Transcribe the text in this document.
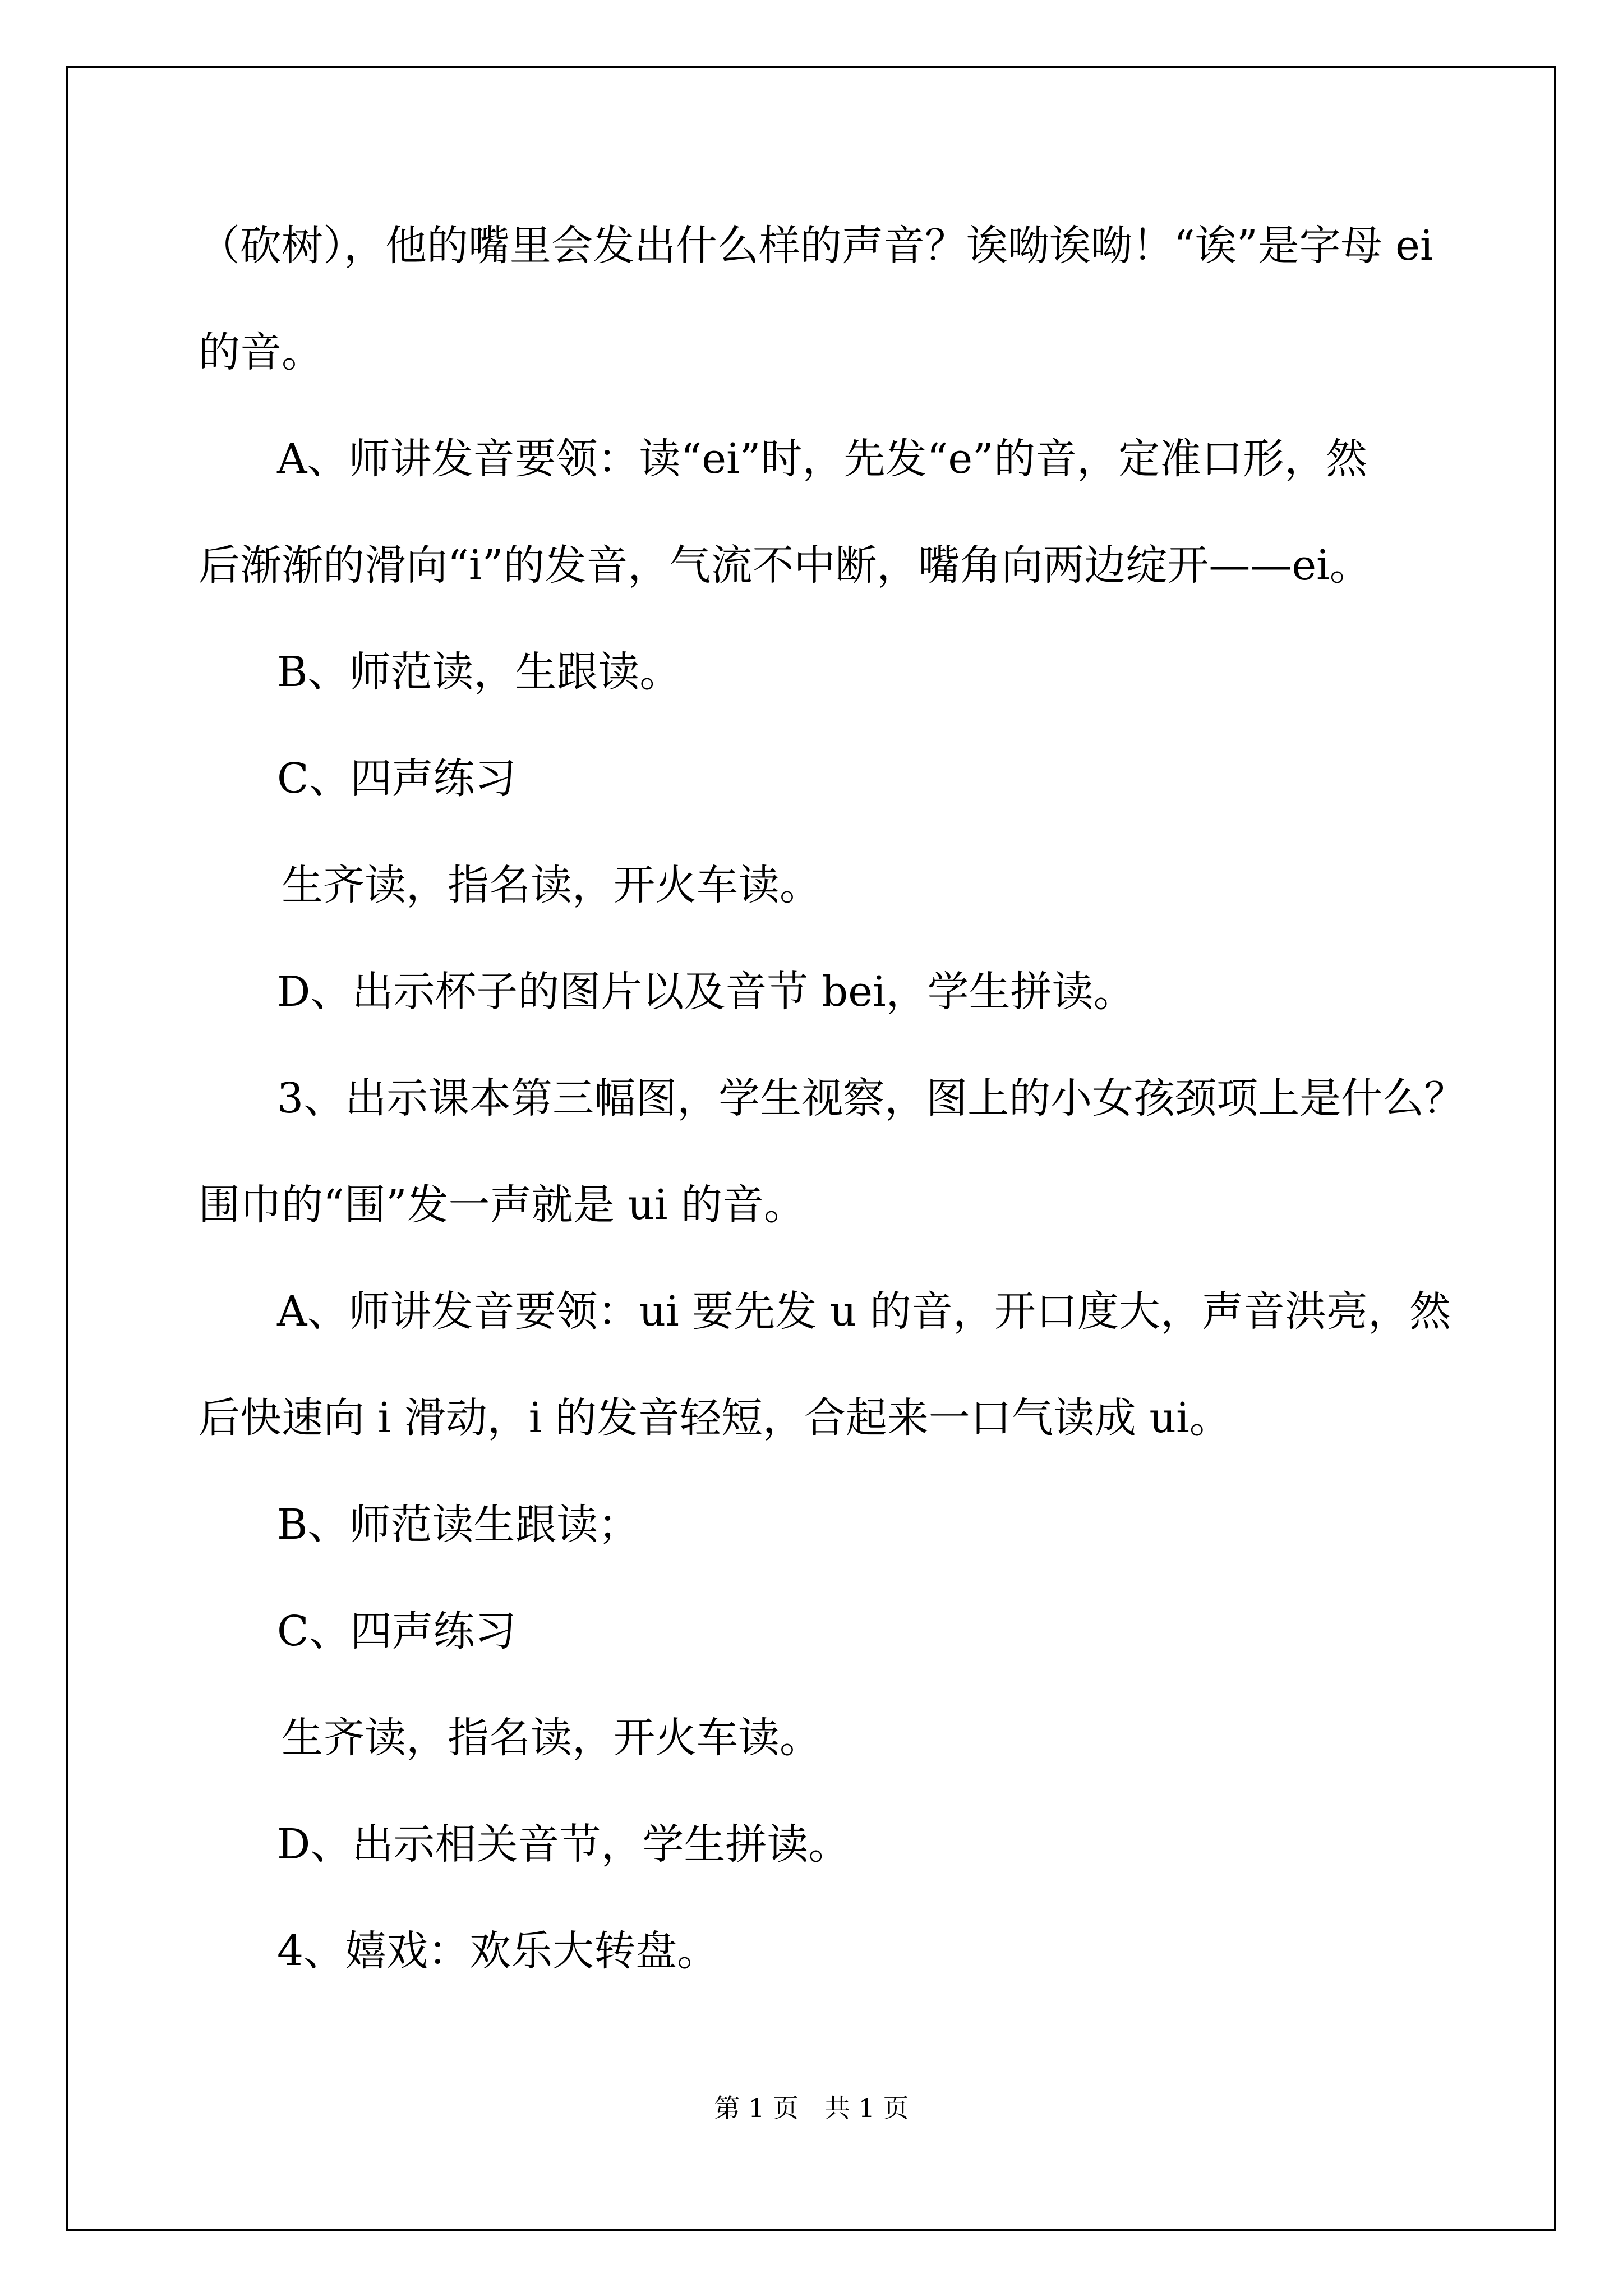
（砍树），他的嘴里会发出什么样的声音？诶呦诶呦！“诶”是字母 ei
的音。
A、师讲发音要领：读“ei”时，先发“e”的音，定准口形，然
后渐渐的滑向“i”的发音，气流不中断，嘴角向两边绽开——ei。
B、师范读，生跟读。
C、四声练习
生齐读，指名读，开火车读。
D、出示杯子的图片以及音节 bei，学生拼读。
3、出示课本第三幅图，学生视察，图上的小女孩颈项上是什么？
围巾的“围”发一声就是 ui 的音。
A、师讲发音要领：ui 要先发 u 的音，开口度大，声音洪亮，然
后快速向 i 滑动，i 的发音轻短，合起来一口气读成 ui。
B、师范读生跟读；
C、四声练习
生齐读，指名读，开火车读。
D、出示相关音节，学生拼读。
4、嬉戏：欢乐大转盘。
第 1 页　共 1 页
